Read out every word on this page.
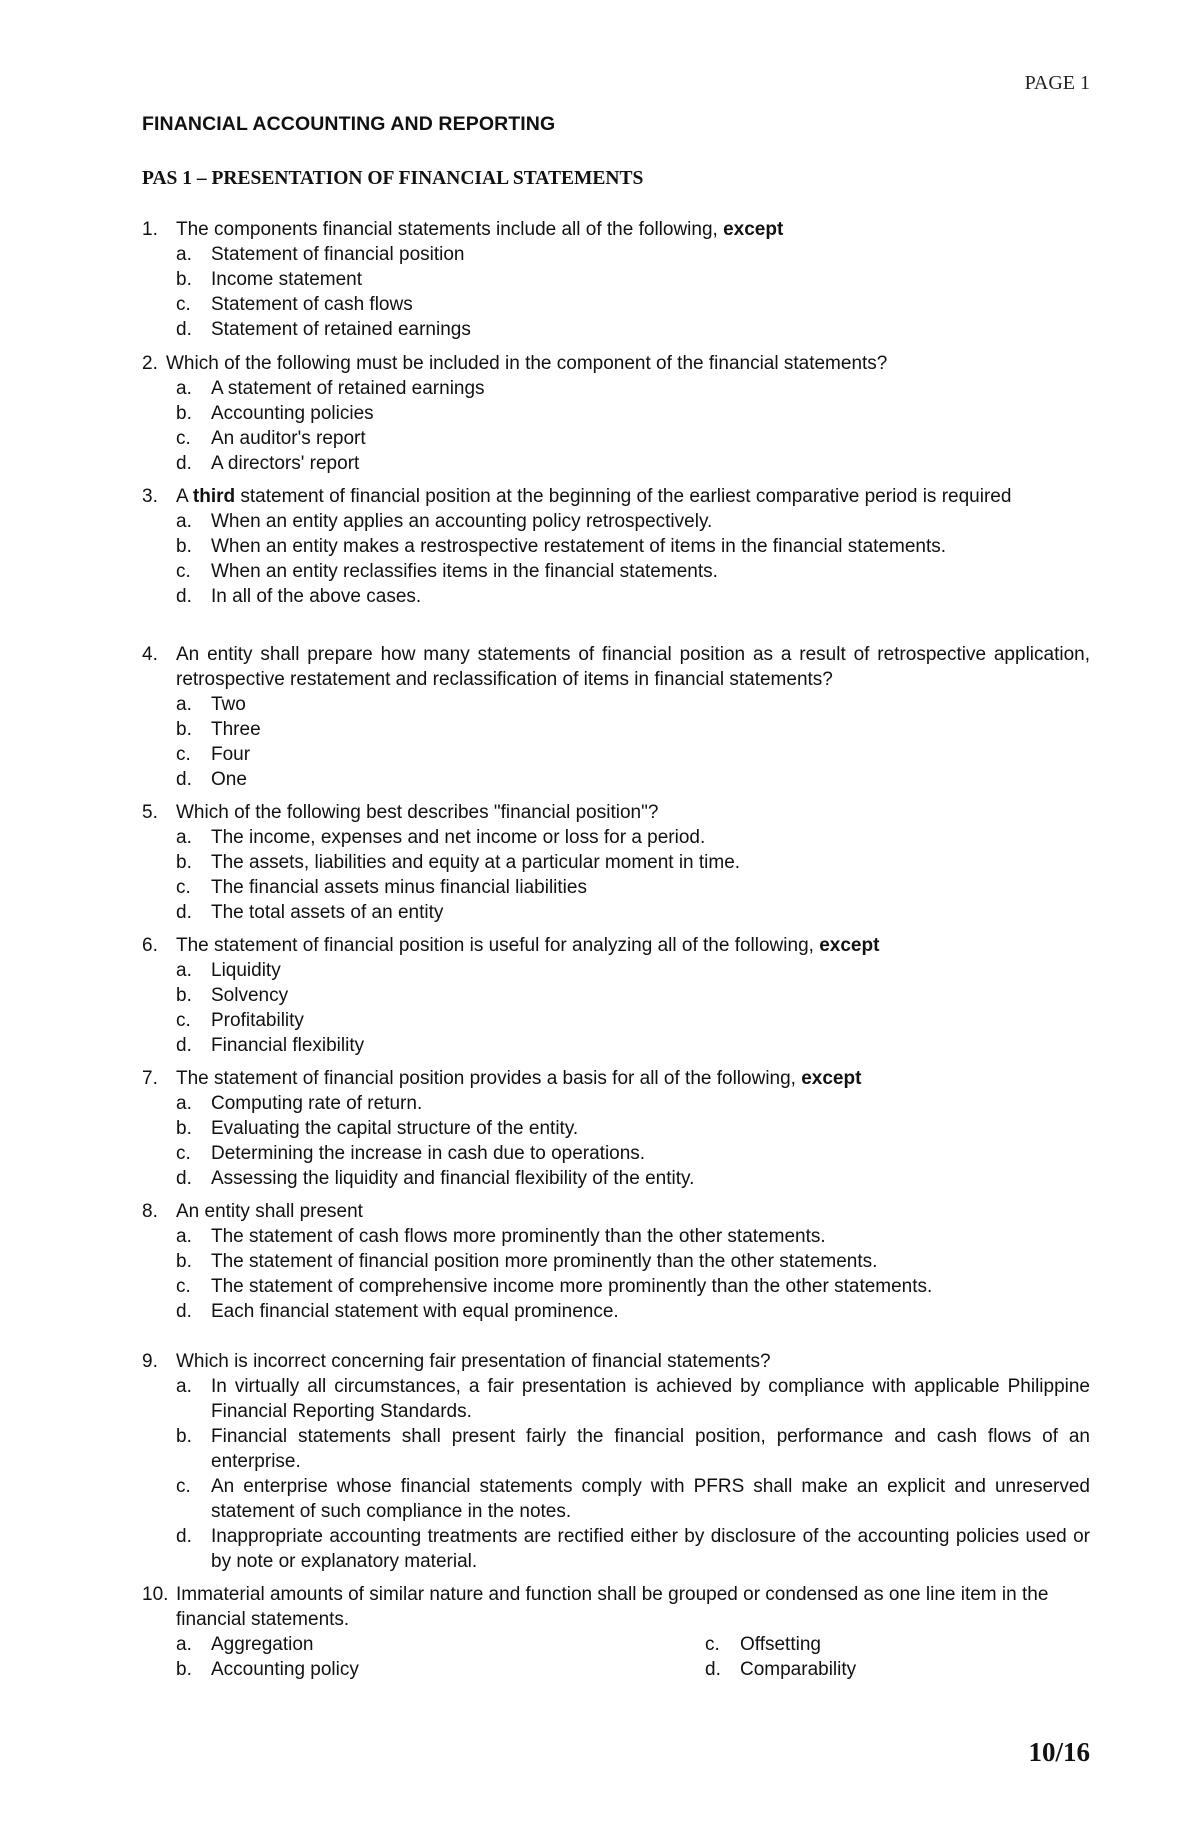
PAGE 1
FINANCIAL ACCOUNTING AND REPORTING
PAS 1 – PRESENTATION OF FINANCIAL STATEMENTS
1. The components financial statements include all of the following, except
a.	Statement of financial position
b.	Income statement
c.	Statement of cash flows
d.	Statement of retained earnings
2. Which of the following must be included in the component of the financial statements?
a.	A statement of retained earnings
b.	Accounting policies
c.	An auditor's report
d.	A directors' report
3. A third statement of financial position at the beginning of the earliest comparative period is required
a.	When an entity applies an accounting policy retrospectively.
b.	When an entity makes a restrospective restatement of items in the financial statements.
c.	When an entity reclassifies items in the financial statements.
d.	In all of the above cases.
4. An entity shall prepare how many statements of financial position as a result of retrospective application, retrospective restatement and reclassification of items in financial statements?
a.	Two
b.	Three
c.	Four
d.	One
5. Which of the following best describes "financial position"?
a.	The income, expenses and net income or loss for a period.
b.	The assets, liabilities and equity at a particular moment in time.
c.	The financial assets minus financial liabilities
d.	The total assets of an entity
6. The statement of financial position is useful for analyzing all of the following, except
a.	Liquidity
b.	Solvency
c.	Profitability
d.	Financial flexibility
7. The statement of financial position provides a basis for all of the following, except
a.	Computing rate of return.
b.	Evaluating the capital structure of the entity.
c.	Determining the increase in cash due to operations.
d.	Assessing the liquidity and financial flexibility of the entity.
8. An entity shall present
a.	The statement of cash flows more prominently than the other statements.
b.	The statement of financial position more prominently than the other statements.
c.	The statement of comprehensive income more prominently than the other statements.
d.	Each financial statement with equal prominence.
9. Which is incorrect concerning fair presentation of financial statements?
a.	In virtually all circumstances, a fair presentation is achieved by compliance with applicable Philippine Financial Reporting Standards.
b.	Financial statements shall present fairly the financial position, performance and cash flows of an enterprise.
c.	An enterprise whose financial statements comply with PFRS shall make an explicit and unreserved statement of such compliance in the notes.
d.	Inappropriate accounting treatments are rectified either by disclosure of the accounting policies used or by note or explanatory material.
10. Immaterial amounts of similar nature and function shall be grouped or condensed as one line item in the financial statements.
a.	Aggregation	c.	Offsetting
b.	Accounting policy	d.	Comparability
10/16
